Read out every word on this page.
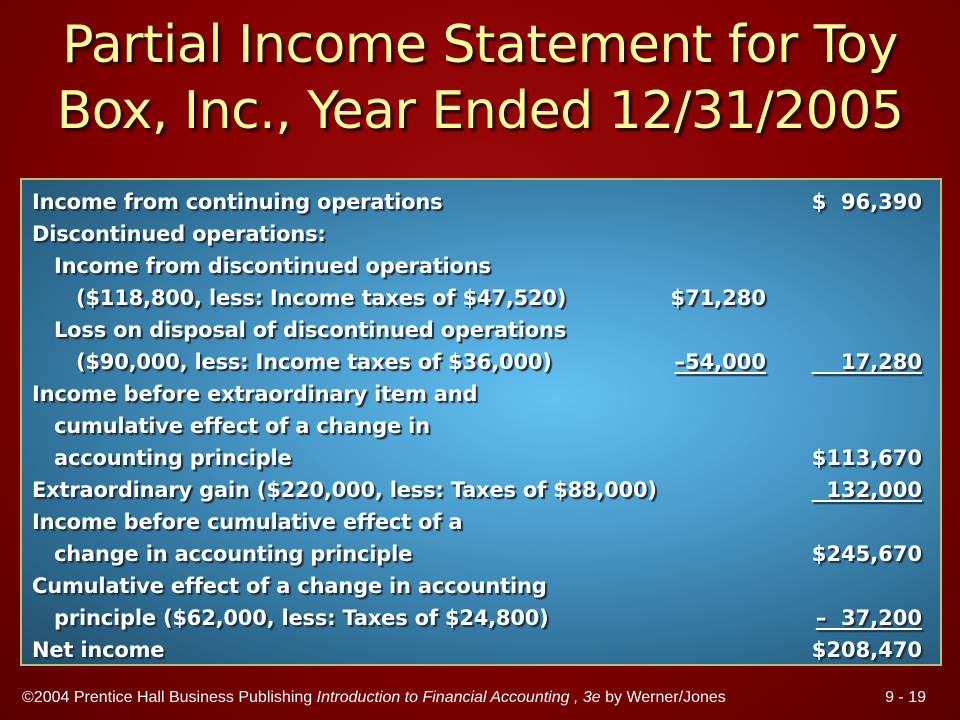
Partial Income Statement for Toy
Box, Inc., Year Ended 12/31/2005
Income from continuing operations	$  96,390
Discontinued operations:
Income from discontinued operations
($118,800, less: Income taxes of $47,520)	$71,280
Loss on disposal of discontinued operations
($90,000, less: Income taxes of $36,000)	–54,000 17,280
Income before extraordinary item and
cumulative effect of a change in
accounting principle	$113,670
Extraordinary gain ($220,000, less: Taxes of $88,000)	132,000
Income before cumulative effect of a
change in accounting principle	$245,670
Cumulative effect of a change in accounting
principle ($62,000, less: Taxes of $24,800)	–  37,200
Net income	$208,470
©2004 Prentice Hall Business Publishing Introduction to Financial Accounting , 3e by Werner/Jones	9 - 19
